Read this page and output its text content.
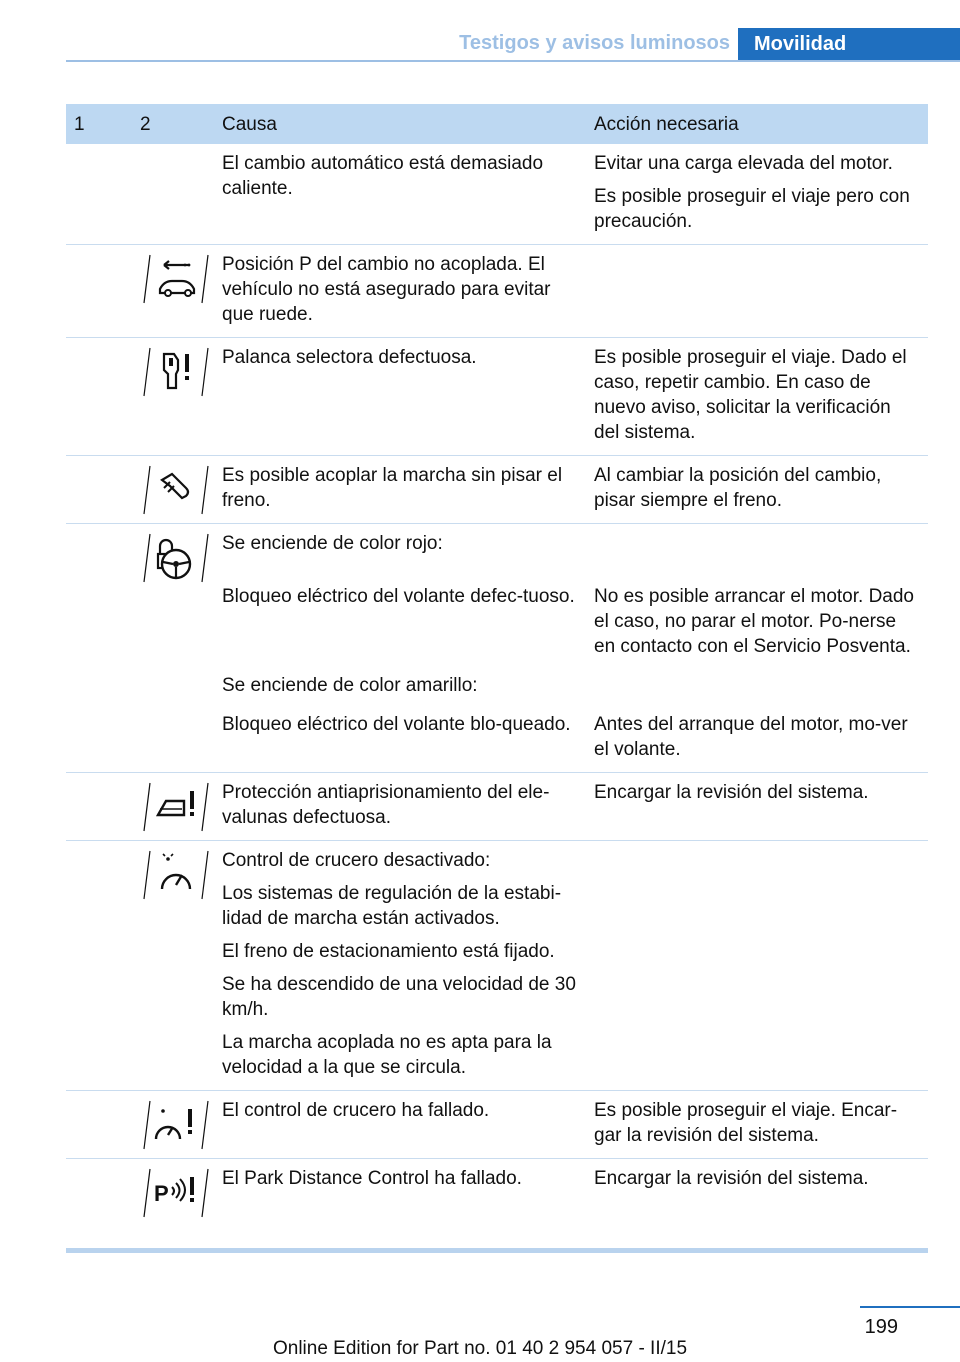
Testigos y avisos luminosos	Movilidad
1	2	Causa	Acción necesaria

		El cambio automático está demasiado caliente.	Evitar una carga elevada del motor.

Es posible proseguir el viaje pero con precaución.

Posición P del cambio no acoplada. El vehículo no está asegurado para evitar que ruede.	

Palanca selectora defectuosa.	Es posible proseguir el viaje. Dado el caso, repetir cambio. En caso de nuevo aviso, solicitar la verificación del sistema.

Es posible acoplar la marcha sin pisar el freno.	Al cambiar la posición del cambio, pisar siempre el freno.

Se enciende de color rojo:	

		Bloqueo eléctrico del volante defec-tuoso.	No es posible arrancar el motor. Dado el caso, no parar el motor. Po-nerse en contacto con el Servicio Posventa.

		Se enciende de color amarillo:	

		Bloqueo eléctrico del volante blo-queado.	Antes del arranque del motor, mo-ver el volante.

Protección antiaprisionamiento del ele-valunas defectuosa.	Encargar la revisión del sistema.

Control de crucero desactivado:

Los sistemas de regulación de la estabi-lidad de marcha están activados.

El freno de estacionamiento está fijado.

Se ha descendido de una velocidad de 30 km/h.

La marcha acoplada no es apta para la velocidad a la que se circula.	

El control de crucero ha fallado.	Es posible proseguir el viaje. Encar-gar la revisión del sistema.

P	El Park Distance Control ha fallado.	Encargar la revisión del sistema.

199
Online Edition for Part no. 01 40 2 954 057 - II/15
